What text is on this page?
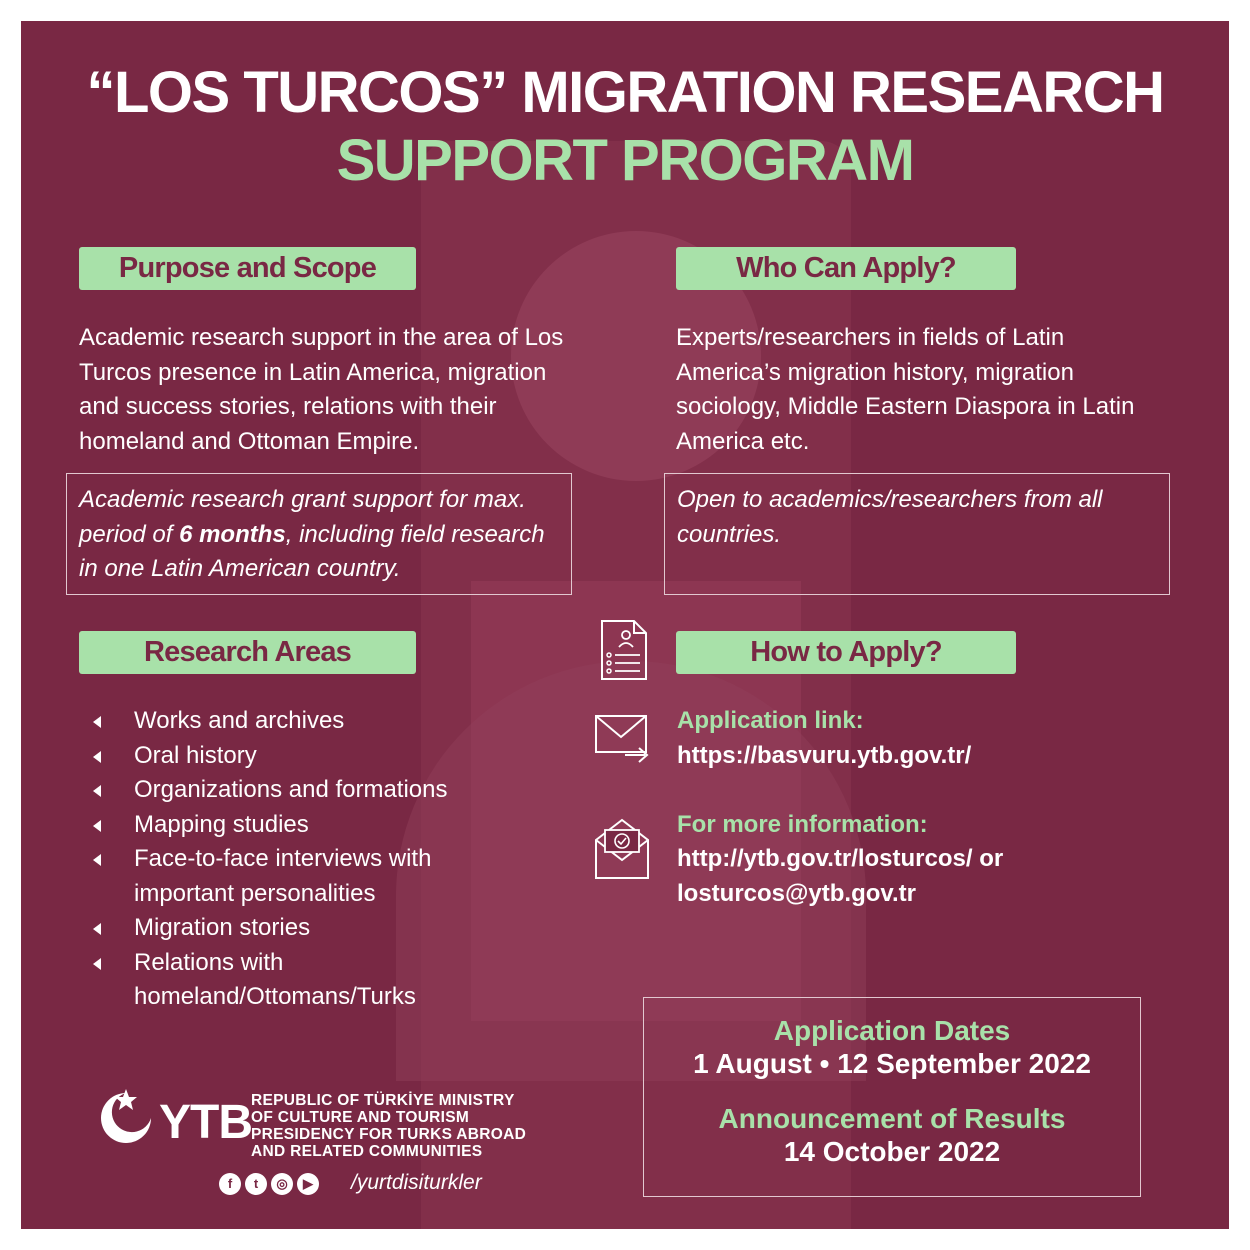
“LOS TURCOS” MIGRATION RESEARCH
SUPPORT PROGRAM
Purpose and Scope
Academic research support in the area of Los Turcos presence in Latin America, migration and success stories, relations with their homeland and Ottoman Empire.
Academic research grant support for max. period of 6 months, including field research in one Latin American country.
Who Can Apply?
Experts/researchers in fields of Latin America’s migration history, migration sociology, Middle Eastern Diaspora in Latin America etc.
Open to academics/researchers from all countries.
Research Areas
Works and archives
Oral history
Organizations and formations
Mapping studies
Face-to-face interviews with important personalities
Migration stories
Relations with homeland/Ottomans/Turks
How to Apply?
Application link:
https://basvuru.ytb.gov.tr/
For more information:
http://ytb.gov.tr/losturcos/ or
losturcos@ytb.gov.tr
Application Dates
1 August • 12 September 2022
Announcement of Results
14 October 2022
YTB REPUBLIC OF TÜRKİYE MINISTRY
OF CULTURE AND TOURISM
PRESIDENCY FOR TURKS ABROAD
AND RELATED COMMUNITIES
f	t	◎	▶ /yurtdisiturkler
